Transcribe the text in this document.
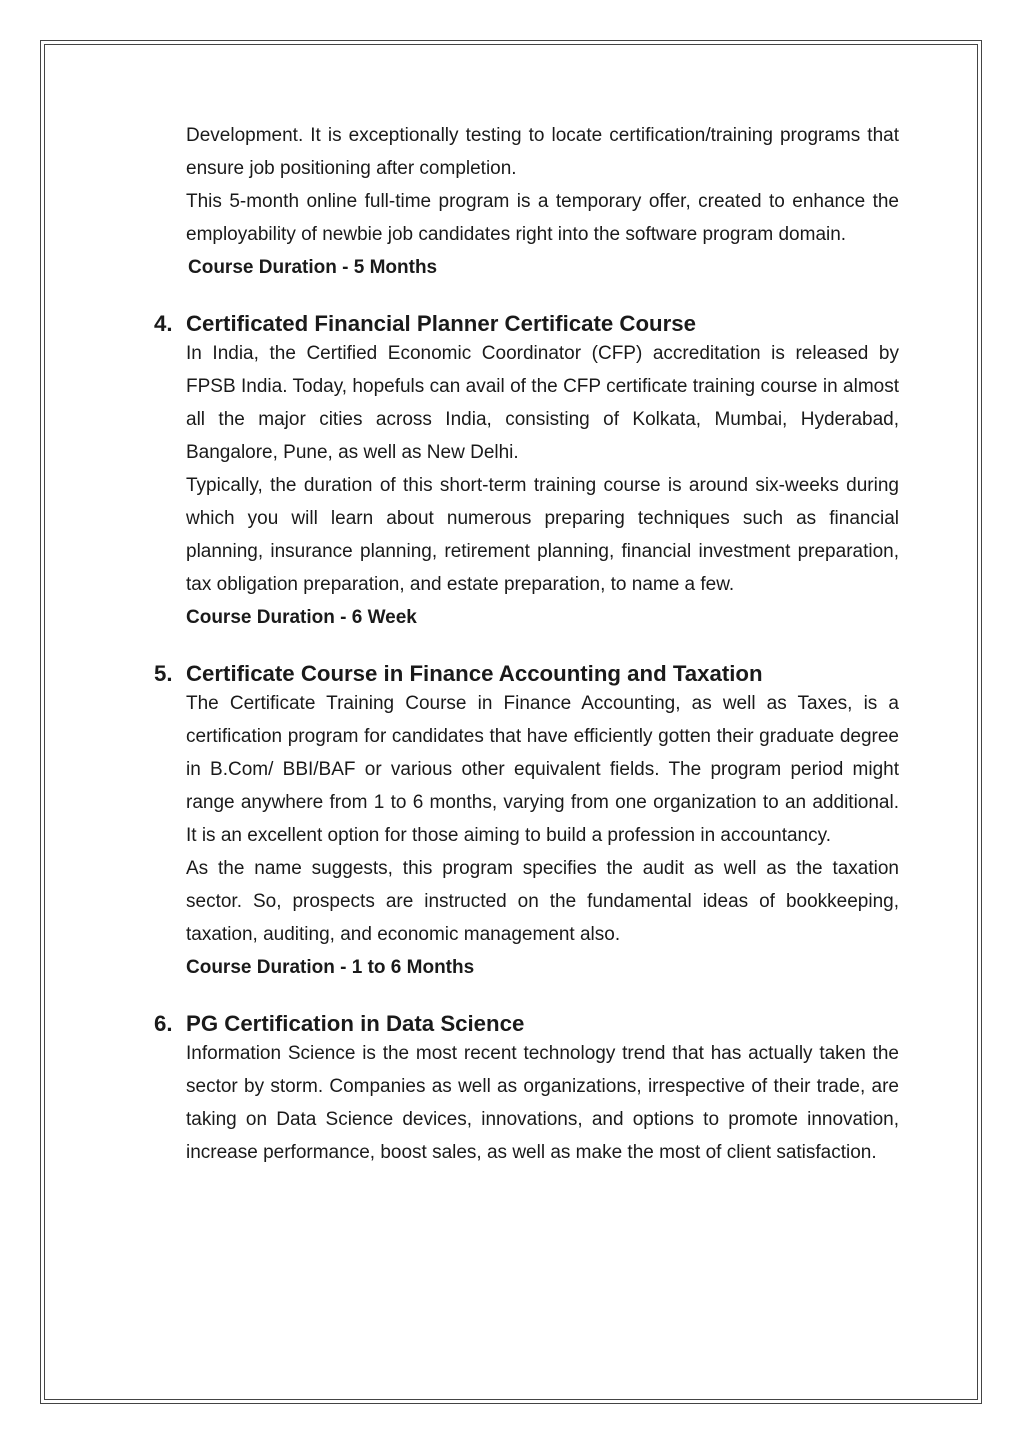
Development. It is exceptionally testing to locate certification/training programs that ensure job positioning after completion.

This 5-month online full-time program is a temporary offer, created to enhance the employability of newbie job candidates right into the software program domain.

Course Duration - 5 Months

4. Certificated Financial Planner Certificate Course

In India, the Certified Economic Coordinator (CFP) accreditation is released by FPSB India. Today, hopefuls can avail of the CFP certificate training course in almost all the major cities across India, consisting of Kolkata, Mumbai, Hyderabad, Bangalore, Pune, as well as New Delhi.

Typically, the duration of this short-term training course is around six-weeks during which you will learn about numerous preparing techniques such as financial planning, insurance planning, retirement planning, financial investment preparation, tax obligation preparation, and estate preparation, to name a few.

Course Duration - 6 Week

5. Certificate Course in Finance Accounting and Taxation

The Certificate Training Course in Finance Accounting, as well as Taxes, is a certification program for candidates that have efficiently gotten their graduate degree in B.Com/ BBI/BAF or various other equivalent fields. The program period might range anywhere from 1 to 6 months, varying from one organization to an additional. It is an excellent option for those aiming to build a profession in accountancy.

As the name suggests, this program specifies the audit as well as the taxation sector. So, prospects are instructed on the fundamental ideas of bookkeeping, taxation, auditing, and economic management also.

Course Duration - 1 to 6 Months

6. PG Certification in Data Science

Information Science is the most recent technology trend that has actually taken the sector by storm. Companies as well as organizations, irrespective of their trade, are taking on Data Science devices, innovations, and options to promote innovation, increase performance, boost sales, as well as make the most of client satisfaction.
